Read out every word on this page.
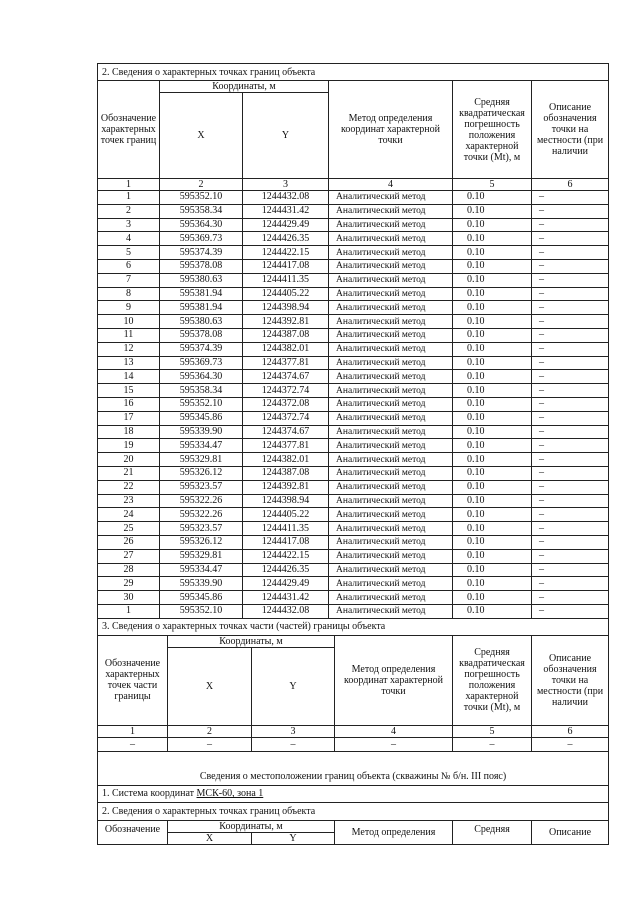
2. Сведения о характерных точках границ объекта					
Обозначение характерных точек границ	Координаты, м		Метод определения координат характерной точки	Средняя квадратическая погрешность положения характерной точки (Mt), м	Описание обозначения точки на местности (при наличии
	X	Y			
1	2	3	4	5	6
1	595352.10	1244432.08	Аналитический метод	0.10	–
2	595358.34	1244431.42	Аналитический метод	0.10	–
3	595364.30	1244429.49	Аналитический метод	0.10	–
4	595369.73	1244426.35	Аналитический метод	0.10	–
5	595374.39	1244422.15	Аналитический метод	0.10	–
6	595378.08	1244417.08	Аналитический метод	0.10	–
7	595380.63	1244411.35	Аналитический метод	0.10	–
8	595381.94	1244405.22	Аналитический метод	0.10	–
9	595381.94	1244398.94	Аналитический метод	0.10	–
10	595380.63	1244392.81	Аналитический метод	0.10	–
11	595378.08	1244387.08	Аналитический метод	0.10	–
12	595374.39	1244382.01	Аналитический метод	0.10	–
13	595369.73	1244377.81	Аналитический метод	0.10	–
14	595364.30	1244374.67	Аналитический метод	0.10	–
15	595358.34	1244372.74	Аналитический метод	0.10	–
16	595352.10	1244372.08	Аналитический метод	0.10	–
17	595345.86	1244372.74	Аналитический метод	0.10	–
18	595339.90	1244374.67	Аналитический метод	0.10	–
19	595334.47	1244377.81	Аналитический метод	0.10	–
20	595329.81	1244382.01	Аналитический метод	0.10	–
21	595326.12	1244387.08	Аналитический метод	0.10	–
22	595323.57	1244392.81	Аналитический метод	0.10	–
23	595322.26	1244398.94	Аналитический метод	0.10	–
24	595322.26	1244405.22	Аналитический метод	0.10	–
25	595323.57	1244411.35	Аналитический метод	0.10	–
26	595326.12	1244417.08	Аналитический метод	0.10	–
27	595329.81	1244422.15	Аналитический метод	0.10	–
28	595334.47	1244426.35	Аналитический метод	0.10	–
29	595339.90	1244429.49	Аналитический метод	0.10	–
30	595345.86	1244431.42	Аналитический метод	0.10	–
1	595352.10	1244432.08	Аналитический метод	0.10	–
3. Сведения о характерных точках части (частей) границы объекта					
Обозначение характерных точек части границы	Координаты, м		Метод определения координат характерной точки	Средняя квадратическая погрешность положения характерной точки (Mt), м	Описание обозначения точки на местности (при наличии
	X	Y			
1	2	3	4	5	6
–	–	–	–	–	–

Сведения о местоположении границ объекта (скважины № б/н. III пояс)					
1. Система координат МСК-60, зона 1					
2. Сведения о характерных точках границ объекта					
Обозначение	Координаты, м		Метод определения	Средняя	Описание
	X	Y			
